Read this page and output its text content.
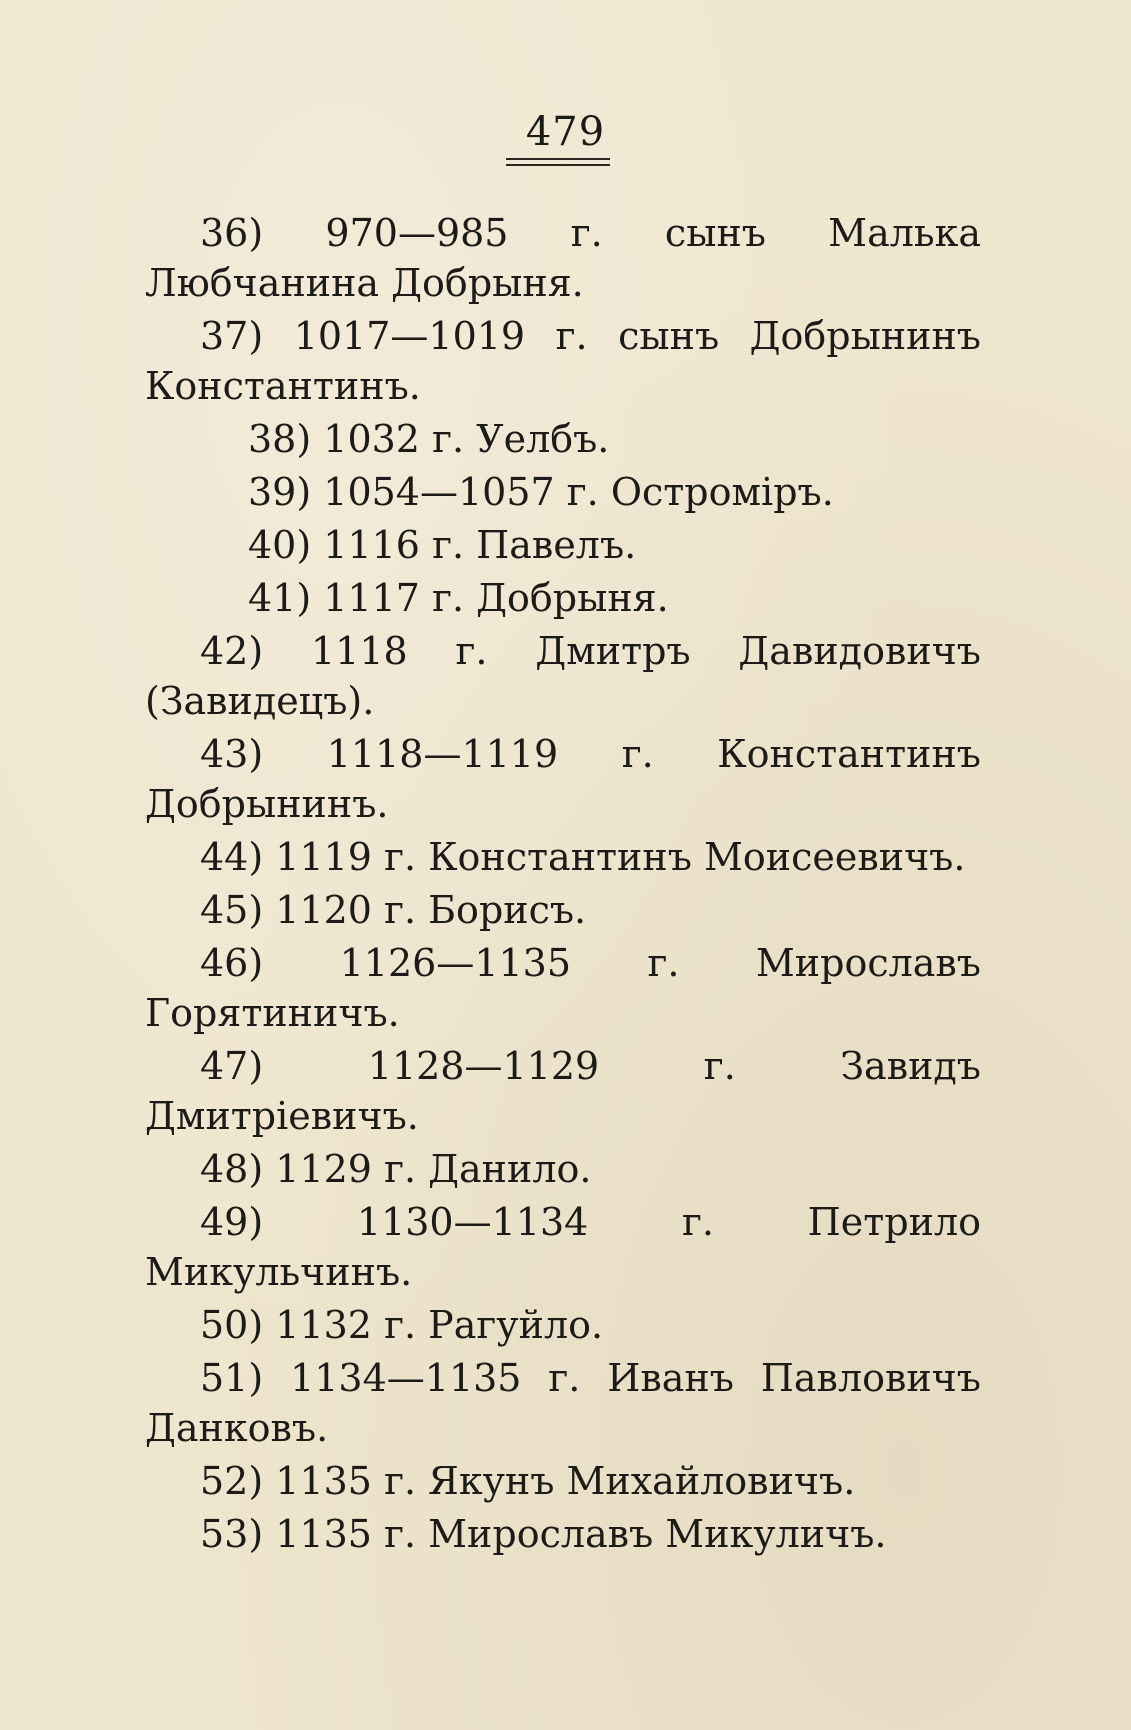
479
36) 970—985 г. сынъ Малька Любчанина Добрыня.
37) 1017—1019 г. сынъ Добрынинъ Константинъ.
38) 1032 г. Уелбъ.
39) 1054—1057 г. Остромiръ.
40) 1116 г. Павелъ.
41) 1117 г. Добрыня.
42) 1118 г. Дмитръ Давидовичъ (Завидецъ).
43) 1118—1119 г. Константинъ Добрынинъ.
44) 1119 г. Константинъ Моисеевичъ.
45) 1120 г. Борисъ.
46) 1126—1135 г. Мирославъ Горятиничъ.
47)	1128—1129 г. Завидъ Дмитрiевичъ.
48) 1129 г. Данило.
49) 1130—1134 г. Петрило Микульчинъ.
50) 1132 г. Рагуйло.
51) 1134—1135 г. Иванъ Павловичъ Данковъ.
52) 1135 г. Якунъ Михайловичъ.
53) 1135 г. Мирославъ Микуличъ.
